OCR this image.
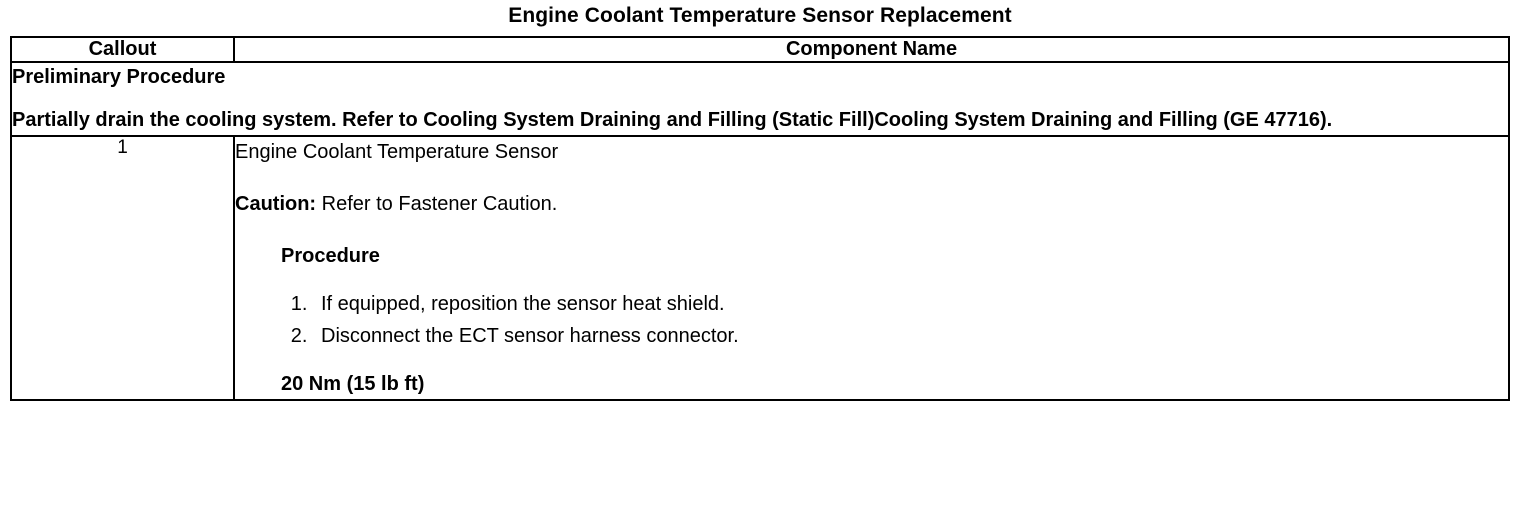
Engine Coolant Temperature Sensor Replacement
Callout	Component Name

Preliminary Procedure

Partially drain the cooling system. Refer to Cooling System Draining and Filling (Static Fill)Cooling System Draining and Filling (GE 47716).	

1	Engine Coolant Temperature Sensor

Caution: Refer to Fastener Caution.

Procedure

1. If equipped, reposition the sensor heat shield.
2. Disconnect the ECT sensor harness connector.

20 Nm (15 lb ft)
